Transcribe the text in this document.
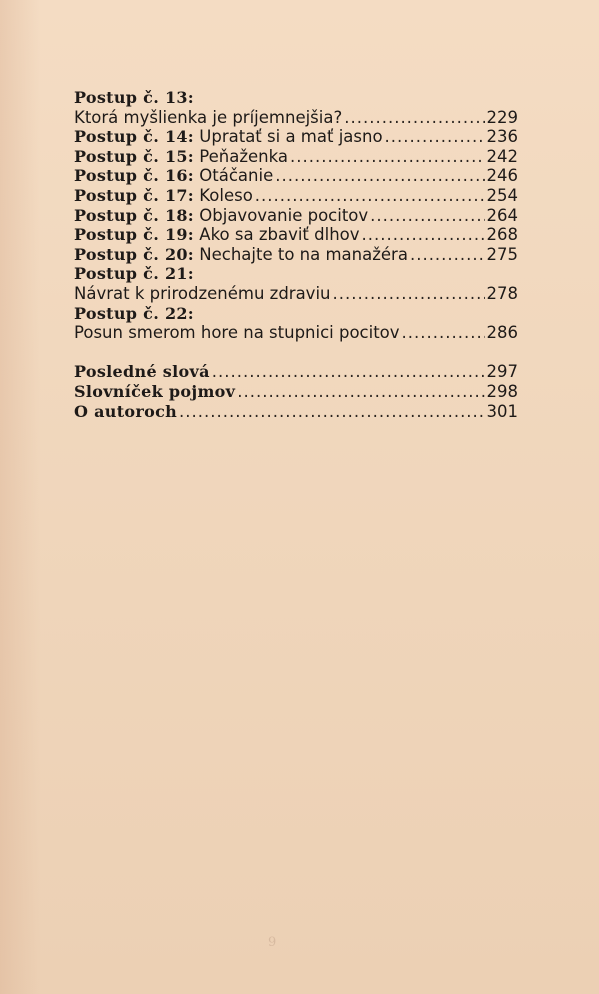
Postup č. 13:
Ktorá myšlienka je príjemnejšia? .....	229
Postup č. 14: Upratať si a mať jasno .....	236
Postup č. 15: Peňaženka .....	242
Postup č. 16: Otáčanie .....	246
Postup č. 17: Koleso .....	254
Postup č. 18: Objavovanie pocitov .....	264
Postup č. 19: Ako sa zbaviť dlhov .....	268
Postup č. 20: Nechajte to na manažéra .....	275
Postup č. 21:
Návrat k prirodzenému zdraviu .....	278
Postup č. 22:
Posun smerom hore na stupnici pocitov .....	286
Posledné slová .....	297
Slovníček pojmov .....	298
O autoroch .....	301
9
